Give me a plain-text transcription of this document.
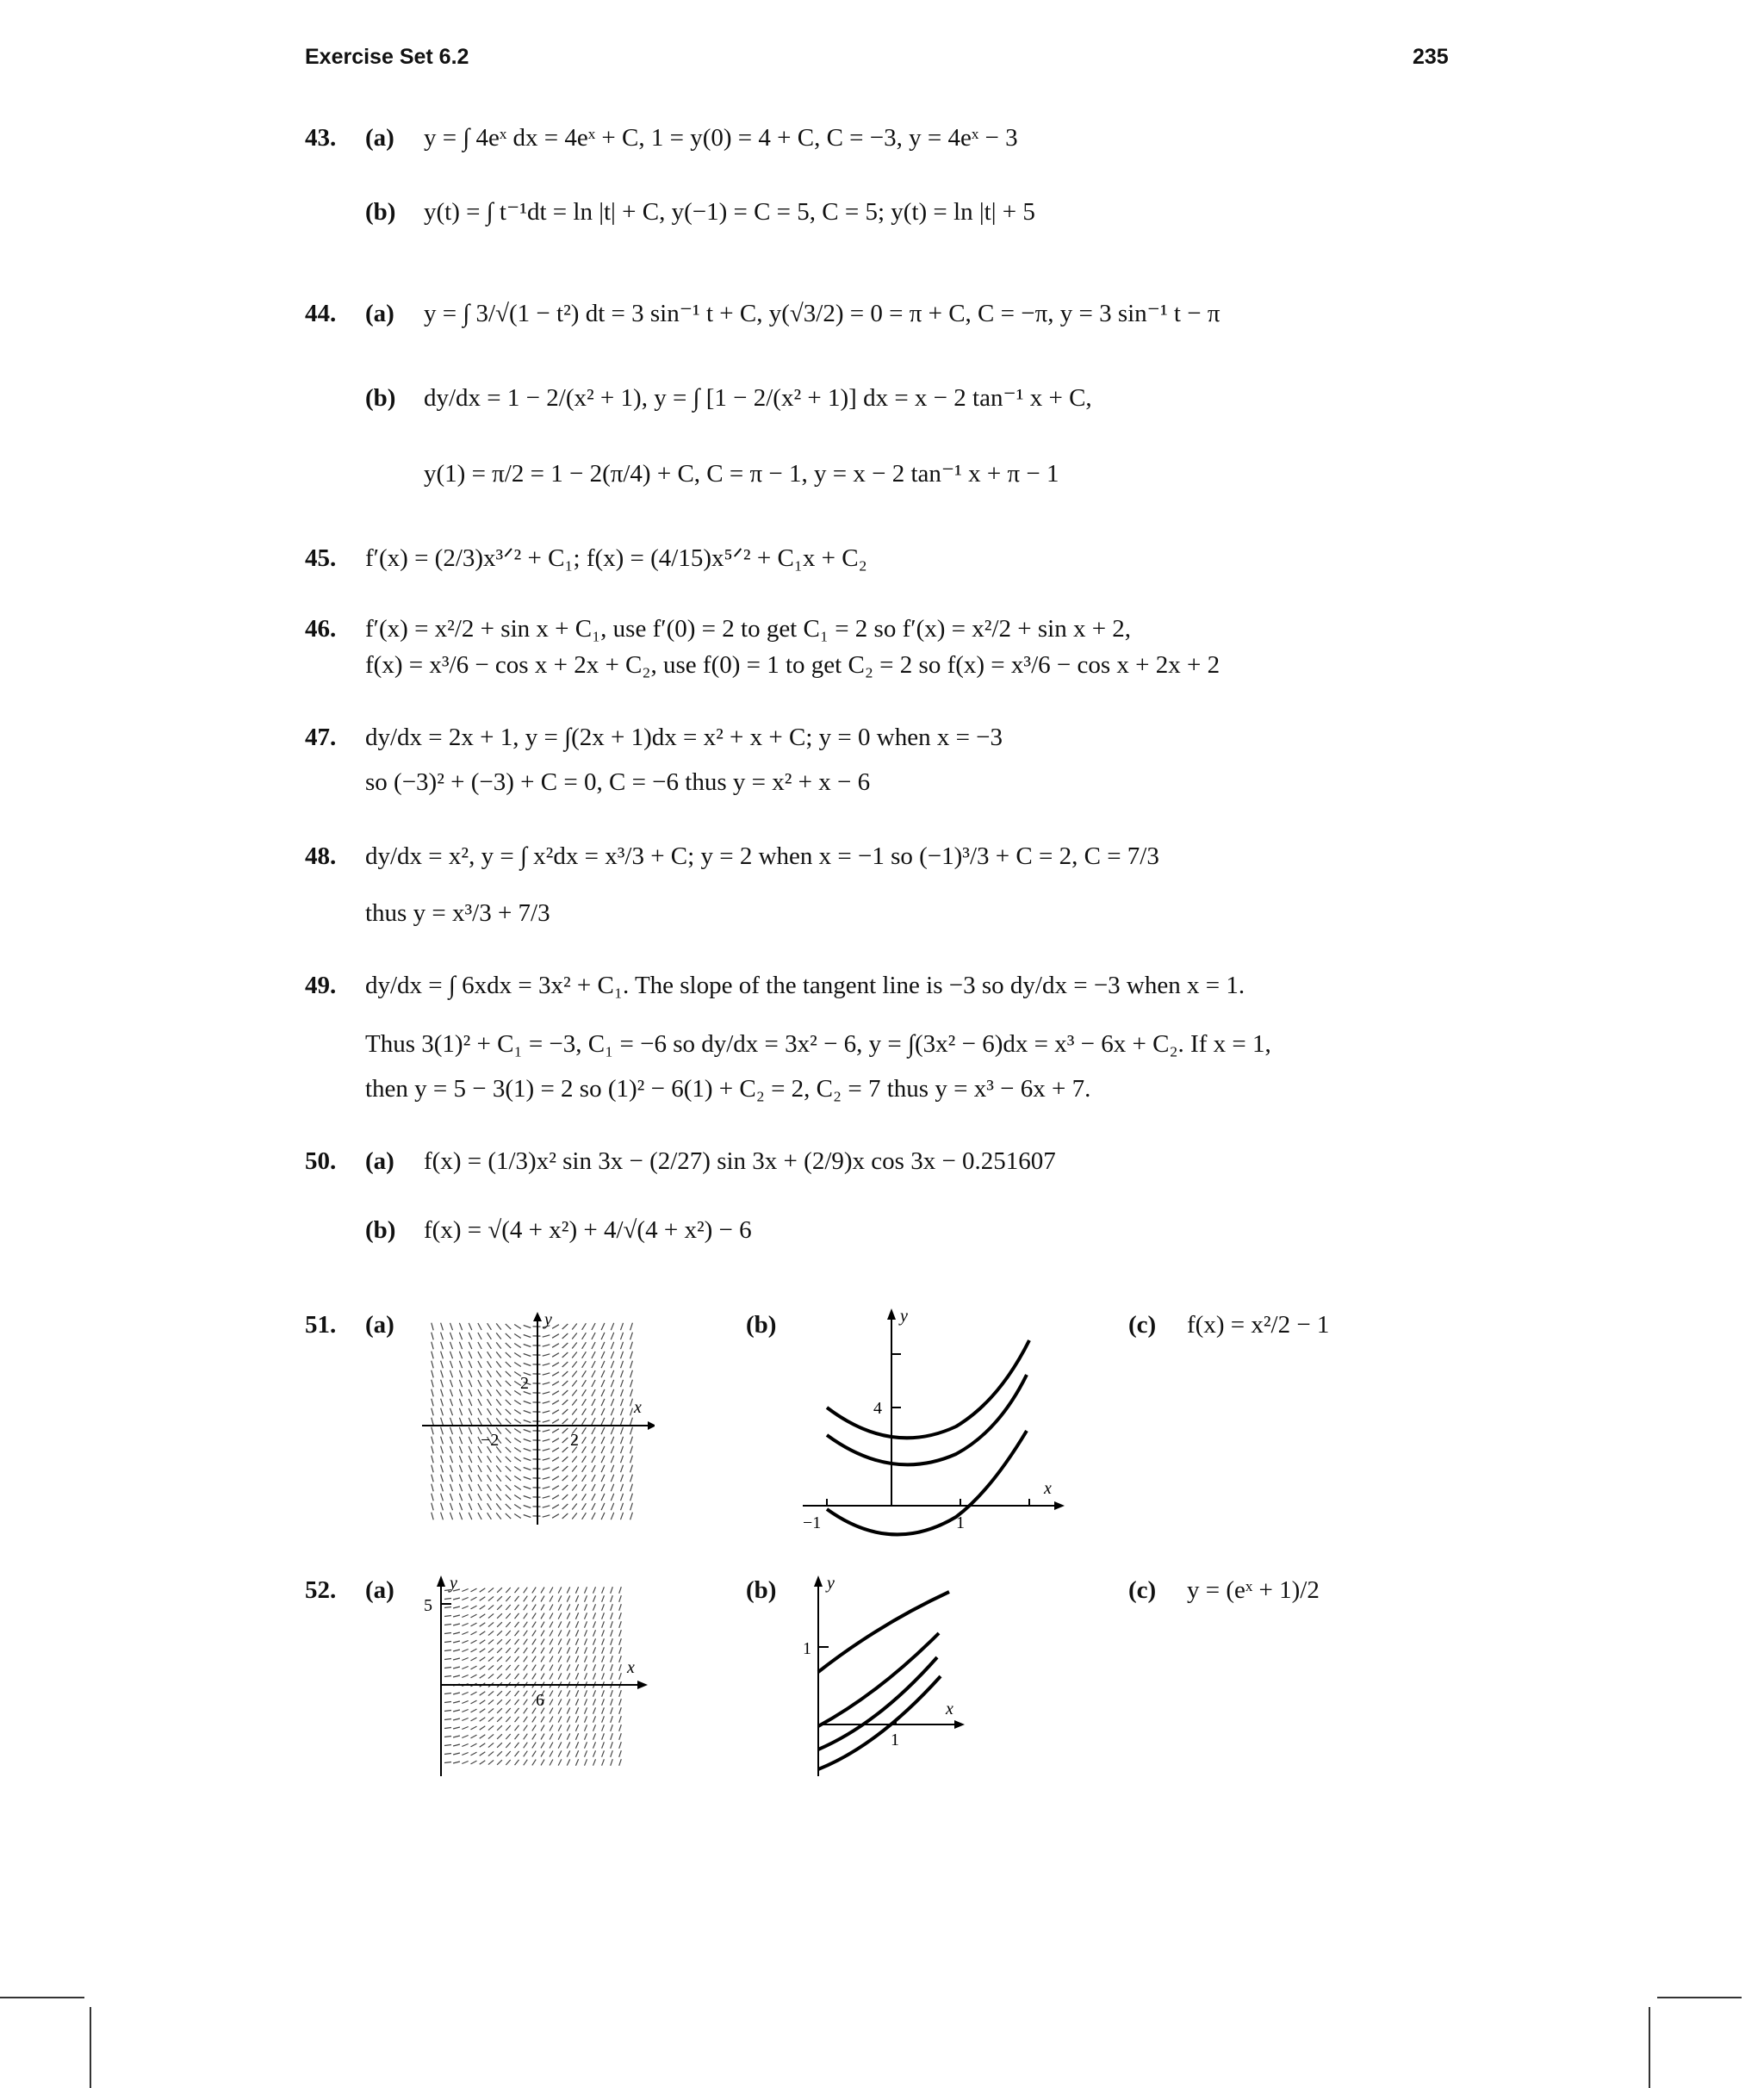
Exercise Set 6.2	235
43. (a) y = ∫ 4eˣ dx = 4eˣ + C, 1 = y(0) = 4 + C, C = −3, y = 4eˣ − 3
(b) y(t) = ∫ t⁻¹dt = ln |t| + C, y(−1) = C = 5, C = 5; y(t) = ln |t| + 5
44. (a) y = ∫ 3/√(1 − t²) dt = 3 sin⁻¹ t + C, y(√3/2) = 0 = π + C, C = −π, y = 3 sin⁻¹ t − π
(b) dy/dx = 1 − 2/(x² + 1), y = ∫ [1 − 2/(x² + 1)] dx = x − 2 tan⁻¹ x + C,
y(1) = π/2 = 1 − 2(π/4) + C, C = π − 1, y = x − 2 tan⁻¹ x + π − 1
45. f′(x) = (2/3)x³ᐟ² + C₁; f(x) = (4/15)x⁵ᐟ² + C₁x + C₂
46. f′(x) = x²/2 + sin x + C₁, use f′(0) = 2 to get C₁ = 2 so f′(x) = x²/2 + sin x + 2,
f(x) = x³/6 − cos x + 2x + C₂, use f(0) = 1 to get C₂ = 2 so f(x) = x³/6 − cos x + 2x + 2
47. dy/dx = 2x + 1, y = ∫(2x + 1)dx = x² + x + C; y = 0 when x = −3
so (−3)² + (−3) + C = 0, C = −6 thus y = x² + x − 6
48. dy/dx = x², y = ∫ x²dx = x³/3 + C; y = 2 when x = −1 so (−1)³/3 + C = 2, C = 7/3
thus y = x³/3 + 7/3
49. dy/dx = ∫ 6xdx = 3x² + C₁. The slope of the tangent line is −3 so dy/dx = −3 when x = 1.
Thus 3(1)² + C₁ = −3, C₁ = −6 so dy/dx = 3x² − 6, y = ∫(3x² − 6)dx = x³ − 6x + C₂. If x = 1,
then y = 5 − 3(1) = 2 so (1)² − 6(1) + C₂ = 2, C₂ = 7 thus y = x³ − 6x + 7.
50. (a) f(x) = (1/3)x² sin 3x − (2/27) sin 3x + (2/9)x cos 3x − 0.251607
(b) f(x) = √(4 + x²) + 4/√(4 + x²) − 6
51. (a)	(b)	(c) f(x) = x²/2 − 1
x
y
2
−2	2
x
y
4
−1	1
52. (a)	(b)	(c) y = (eˣ + 1)/2
x
y
5
6	x
y
1
1
